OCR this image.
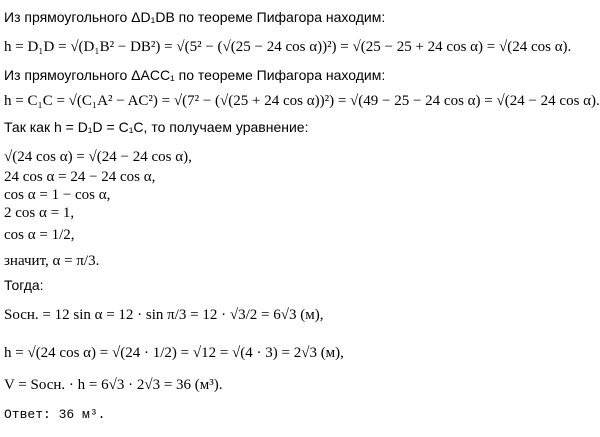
Из прямоугольного ΔD₁DB по теореме Пифагора находим:
h = D₁D = √(D₁B² − DB²) = √(5² − (√(25 − 24 cos α))²) = √(25 − 25 + 24 cos α) = √(24 cos α).
Из прямоугольного ΔACC₁ по теореме Пифагора находим:
h = C₁C = √(C₁A² − AC²) = √(7² − (√(25 + 24 cos α))²) = √(49 − 25 − 24 cos α) = √(24 − 24 cos α).
Так как h = D₁D = C₁C, то получаем уравнение:
√(24 cos α) = √(24 − 24 cos α),
24 cos α = 24 − 24 cos α,
cos α = 1 − cos α,
2 cos α = 1,
cos α = 1/2,
значит, α = π/3.
Тогда:
Sосн. = 12 sin α = 12 · sin π/3 = 12 · √3/2 = 6√3 (м),
h = √(24 cos α) = √(24 · 1/2) = √12 = √(4 · 3) = 2√3 (м),
V = Sосн. · h = 6√3 · 2√3 = 36 (м³).
Ответ: 36 м³.
